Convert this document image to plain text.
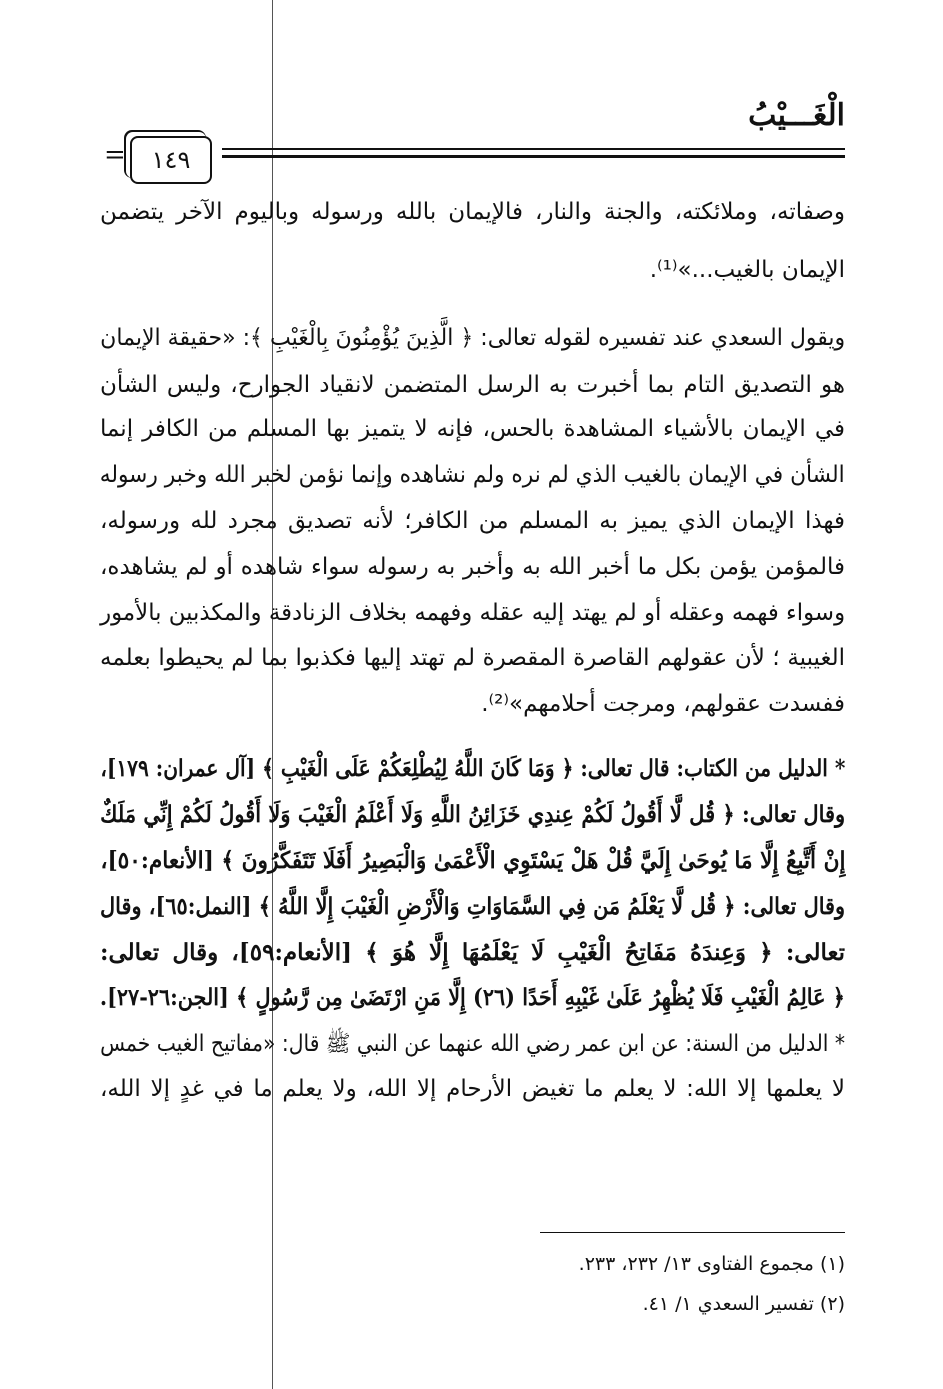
الْغَـــيْبُ
=	١٤٩
وصفاته، وملائكته، والجنة والنار، فالإيمان بالله ورسوله وباليوم الآخر يتضمن
الإيمان بالغيب...»⁽¹⁾.
ويقول السعدي عند تفسيره لقوله تعالى: ﴿ الَّذِينَ يُؤْمِنُونَ بِالْغَيْبِ ﴾: «حقيقة الإيمان
هو التصديق التام بما أخبرت به الرسل المتضمن لانقياد الجوارح، وليس الشأن
في الإيمان بالأشياء المشاهدة بالحس، فإنه لا يتميز بها المسلم من الكافر إنما
الشأن في الإيمان بالغيب الذي لم نره ولم نشاهده وإنما نؤمن لخبر الله وخبر رسوله
فهذا الإيمان الذي يميز به المسلم من الكافر؛ لأنه تصديق مجرد لله ورسوله،
فالمؤمن يؤمن بكل ما أخبر الله به وأخبر به رسوله سواء شاهده أو لم يشاهده،
وسواء فهمه وعقله أو لم يهتد إليه عقله وفهمه بخلاف الزنادقة والمكذبين بالأمور
الغيبية ؛ لأن عقولهم القاصرة المقصرة لم تهتد إليها فكذبوا بما لم يحيطوا بعلمه
ففسدت عقولهم، ومرجت أحلامهم»⁽²⁾.
* الدليل من الكتاب: قال تعالى: ﴿ وَمَا كَانَ اللَّهُ لِيُطْلِعَكُمْ عَلَى الْغَيْبِ ﴾ [آل عمران: ١٧٩]،
وقال تعالى: ﴿ قُل لَّا أَقُولُ لَكُمْ عِندِي خَزَائِنُ اللَّهِ وَلَا أَعْلَمُ الْغَيْبَ وَلَا أَقُولُ لَكُمْ إِنِّي مَلَكٌ
إِنْ أَتَّبِعُ إِلَّا مَا يُوحَىٰ إِلَيَّ قُلْ هَلْ يَسْتَوِي الْأَعْمَىٰ وَالْبَصِيرُ أَفَلَا تَتَفَكَّرُونَ ﴾ [الأنعام:٥٠]،
وقال تعالى: ﴿ قُل لَّا يَعْلَمُ مَن فِي السَّمَاوَاتِ وَالْأَرْضِ الْغَيْبَ إِلَّا اللَّهُ ﴾ [النمل:٦٥]، وقال
تعالى: ﴿ وَعِندَهُ مَفَاتِحُ الْغَيْبِ لَا يَعْلَمُهَا إِلَّا هُوَ ﴾ [الأنعام:٥٩]، وقال تعالى:
﴿ عَالِمُ الْغَيْبِ فَلَا يُظْهِرُ عَلَىٰ غَيْبِهِ أَحَدًا (٢٦) إِلَّا مَنِ ارْتَضَىٰ مِن رَّسُولٍ ﴾ [الجن:٢٦-٢٧].
* الدليل من السنة: عن ابن عمر رضي الله عنهما عن النبي ﷺ قال: «مفاتيح الغيب خمس
لا يعلمها إلا الله: لا يعلم ما تغيض الأرحام إلا الله، ولا يعلم ما في غدٍ إلا الله،
(١) مجموع الفتاوى ١٣/ ٢٣٢، ٢٣٣.
(٢) تفسير السعدي ١/ ٤١.
